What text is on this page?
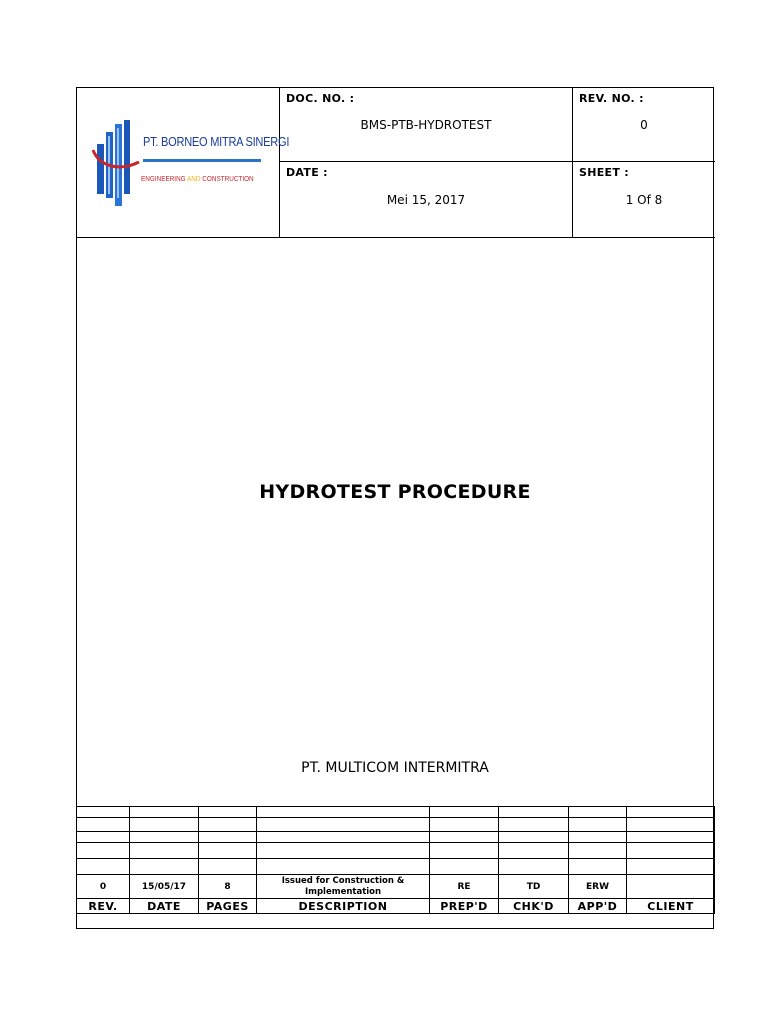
PT. BORNEO MITRA SINERGI
ENGINEERING AND CONSTRUCTION
DOC. NO. :
BMS-PTB-HYDROTEST
REV. NO. :
0
DATE :
Mei 15, 2017
SHEET :
1 Of 8
HYDROTEST PROCEDURE
PT. MULTICOM INTERMITRA

0	15/05/17	8	Issued for Construction & Implementation	RE	TD	ERW	
REV.	DATE	PAGES	DESCRIPTION	PREP'D	CHK'D	APP'D	CLIENT
